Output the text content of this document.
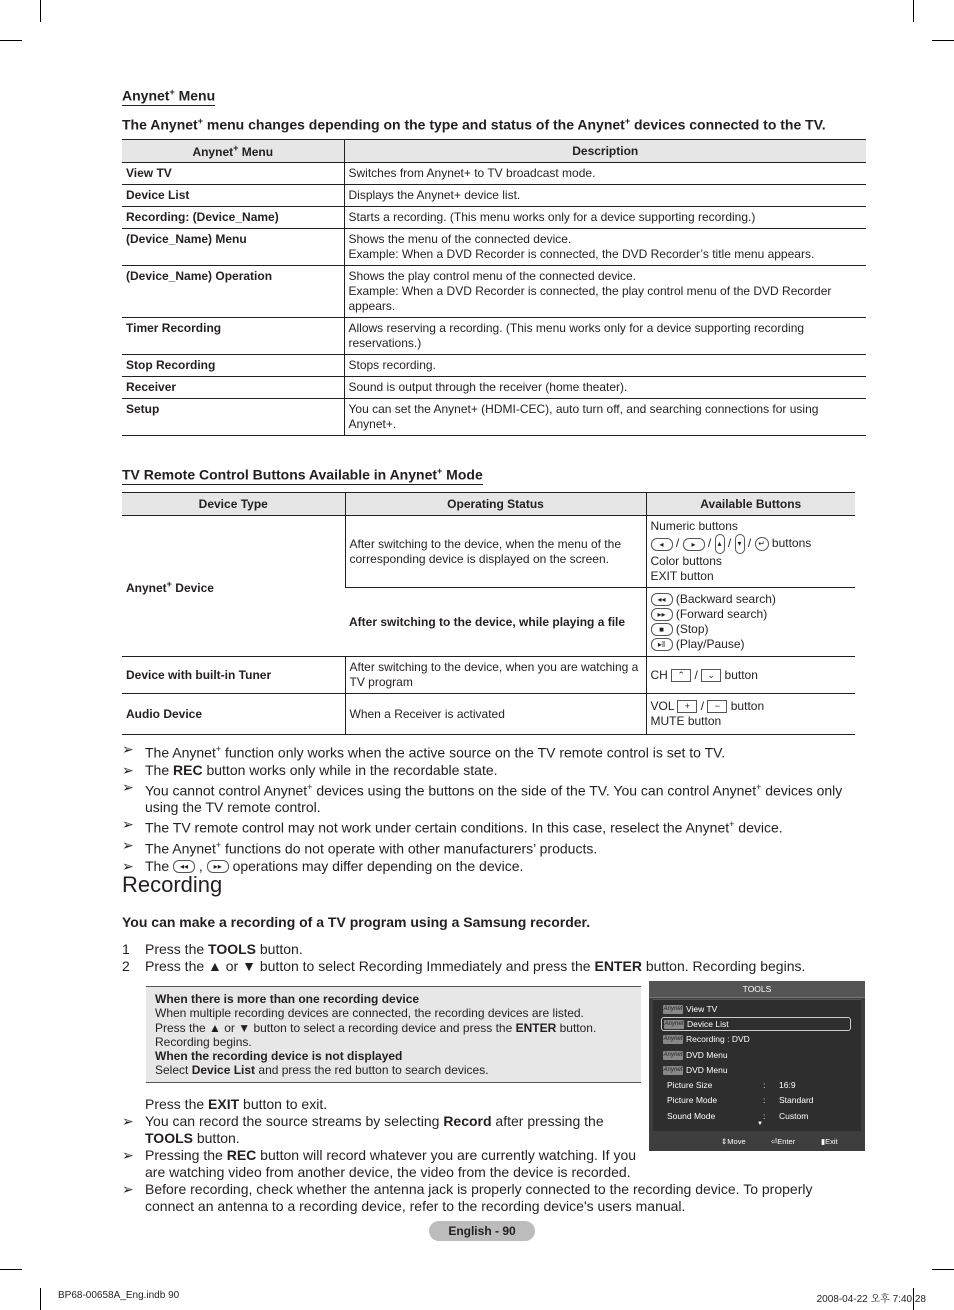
Anynet+ Menu
The Anynet+ menu changes depending on the type and status of the Anynet+ devices connected to the TV.
Anynet+ Menu	Description
View TV	Switches from Anynet+ to TV broadcast mode.
Device List	Displays the Anynet+ device list.
Recording: (Device_Name)	Starts a recording. (This menu works only for a device supporting recording.)
(Device_Name) Menu	Shows the menu of the connected device.
Example: When a DVD Recorder is connected, the DVD Recorder’s title menu appears.

(Device_Name) Operation	Shows the play control menu of the connected device.
Example: When a DVD Recorder is connected, the play control menu of the DVD Recorder appears.

Timer Recording	Allows reserving a recording. (This menu works only for a device supporting recording reservations.)
Stop Recording	Stops recording.
Receiver	Sound is output through the receiver (home theater).
Setup	You can set the Anynet+ (HDMI-CEC), auto turn off, and searching connections for using Anynet+.
TV Remote Control Buttons Available in Anynet+ Mode
Device Type	Operating Status	Available Buttons
Anynet+ Device	After switching to the device, when the menu of the corresponding device is displayed on the screen.	Numeric buttons
◂ / ▸ / ▴ / ▾ / ↵ buttons
Color buttons
EXIT button

	After switching to the device, while playing a file	◂◂ (Backward search)
▸▸ (Forward search)
■ (Stop)
▸‖ (Play/Pause)

Device with built-in Tuner	After switching to the device, when you are watching a TV program	CH ⌃ / ⌄ button
Audio Device	When a Receiver is activated	VOL + / − button
MUTE button
➢ The Anynet+ function only works when the active source on the TV remote control is set to TV.
➢ The REC button works only while in the recordable state.
➢ You cannot control Anynet+ devices using the buttons on the side of the TV. You can control Anynet+ devices only using the TV remote control.
➢ The TV remote control may not work under certain conditions. In this case, reselect the Anynet+ device.
➢ The Anynet+ functions do not operate with other manufacturers’ products.
➢ The ◂◂ , ▸▸ operations may differ depending on the device.
Recording
You can make a recording of a TV program using a Samsung recorder.
1 Press the TOOLS button.
2 Press the ▲ or ▼ button to select Recording Immediately and press the ENTER button. Recording begins.
When there is more than one recording device
When multiple recording devices are connected, the recording devices are listed.
Press the ▲ or ▼ button to select a recording device and press the ENTER button.
Recording begins.
When the recording device is not displayed
Select Device List and press the red button to search devices.

Press the EXIT button to exit.

➢ You can record the source streams by selecting Record after pressing the TOOLS button.

➢ Pressing the REC button will record whatever you are currently watching. If you are watching video from another device, the video from the device is recorded.

➢ Before recording, check whether the antenna jack is properly connected to the recording device. To properly connect an antenna to a recording device, refer to the recording device's users manual.

TOOLS
Anynet View TV
Anynet Device List
Anynet Recording : DVD
Anynet DVD Menu
Anynet DVD Menu
Picture Size	: 16:9
Picture Mode	: Standard
Sound Mode	: Custom
▼
⇕ Move	⏎ Enter	▮ Exit
English - 90
BP68-00658A_Eng.indb 90	2008-04-22 오후 7:40:28
